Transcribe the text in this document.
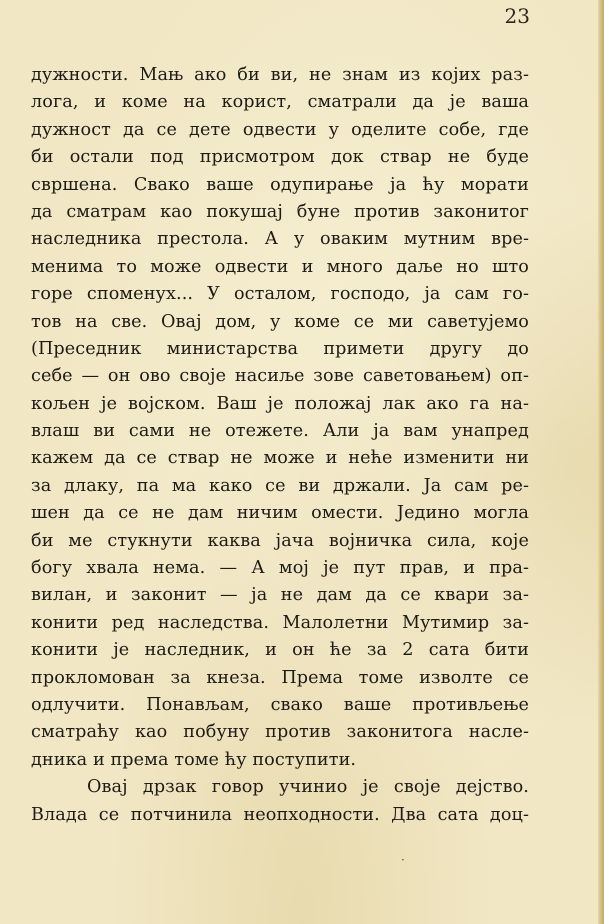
23
дужности. Мањ ако би ви, не знам из којих раз-
лога, и коме на корист, сматрали да је ваша
дужност да се дете одвести у оделите собе, где
би остали под присмотром док ствар не буде
свршена. Свако ваше одупирање ја ћу морати
да сматрам као покушај буне против законитог
наследника престола. А у оваким мутним вре-
менима то може одвести и много даље но што
горе споменух... У осталом, господо, ја сам го-
тов на све. Овај дом, у коме се ми саветујемо
(Преседник министарства примети другу до
себе — он ово своје насиље зове саветовањем) оп-
кољен је војском. Ваш је положај лак ако га на-
влаш ви сами не отежете. Али ја вам унапред
кажем да се ствар не може и неће изменити ни
за длаку, па ма како се ви држали. Ја сам ре-
шен да се не дам ничим омести. Једино могла
би ме стукнути каква јача војничка сила, које
богу хвала нема. — А мој је пут прав, и пра-
вилан, и законит — ја не дам да се квари за-
конити ред наследства. Малолетни Мутимир за-
конити је наследник, и он ће за 2 сата бити
прокломован за кнеза. Према томе изволте се
одлучити. Понављам, свако ваше противљење
сматраћу као побуну против законитога насле-
дника и према томе ћу поступити.
Овај дрзак говор учинио је своје дејство.
Влада се потчинила неопходности. Два сата доц-
·
